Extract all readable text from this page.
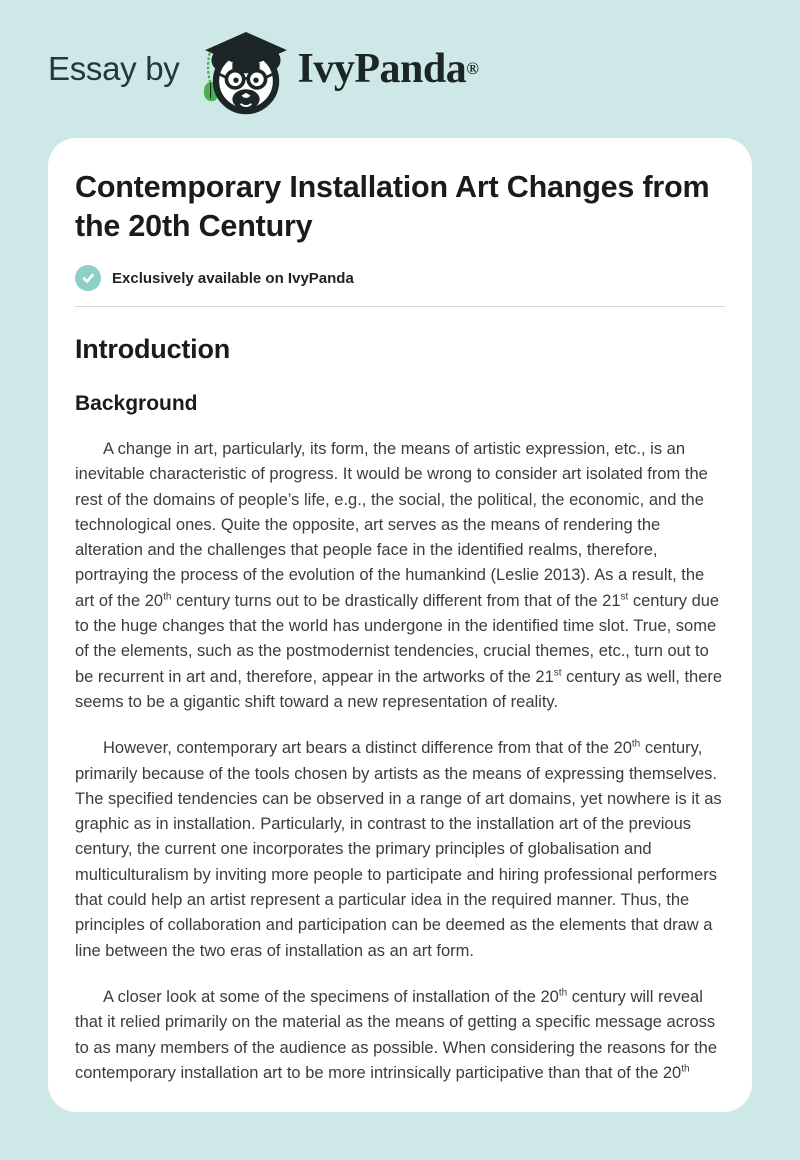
Essay by	IvyPanda ®
Contemporary Installation Art Changes from the 20th Century
Exclusively available on IvyPanda
Introduction
Background

A change in art, particularly, its form, the means of artistic expression, etc., is an inevitable characteristic of progress. It would be wrong to consider art isolated from the rest of the domains of people’s life, e.g., the social, the political, the economic, and the technological ones. Quite the opposite, art serves as the means of rendering the alteration and the challenges that people face in the identified realms, therefore, portraying the process of the evolution of the humankind (Leslie 2013). As a result, the art of the 20th century turns out to be drastically different from that of the 21st century due to the huge changes that the world has undergone in the identified time slot. True, some of the elements, such as the postmodernist tendencies, crucial themes, etc., turn out to be recurrent in art and, therefore, appear in the artworks of the 21st century as well, there seems to be a gigantic shift toward a new representation of reality.

However, contemporary art bears a distinct difference from that of the 20th century, primarily because of the tools chosen by artists as the means of expressing themselves. The specified tendencies can be observed in a range of art domains, yet nowhere is it as graphic as in installation. Particularly, in contrast to the installation art of the previous century, the current one incorporates the primary principles of globalisation and multiculturalism by inviting more people to participate and hiring professional performers that could help an artist represent a particular idea in the required manner. Thus, the principles of collaboration and participation can be deemed as the elements that draw a line between the two eras of installation as an art form.

A closer look at some of the specimens of installation of the 20th century will reveal that it relied primarily on the material as the means of getting a specific message across to as many members of the audience as possible. When considering the reasons for the contemporary installation art to be more intrinsically participative than that of the 20th
